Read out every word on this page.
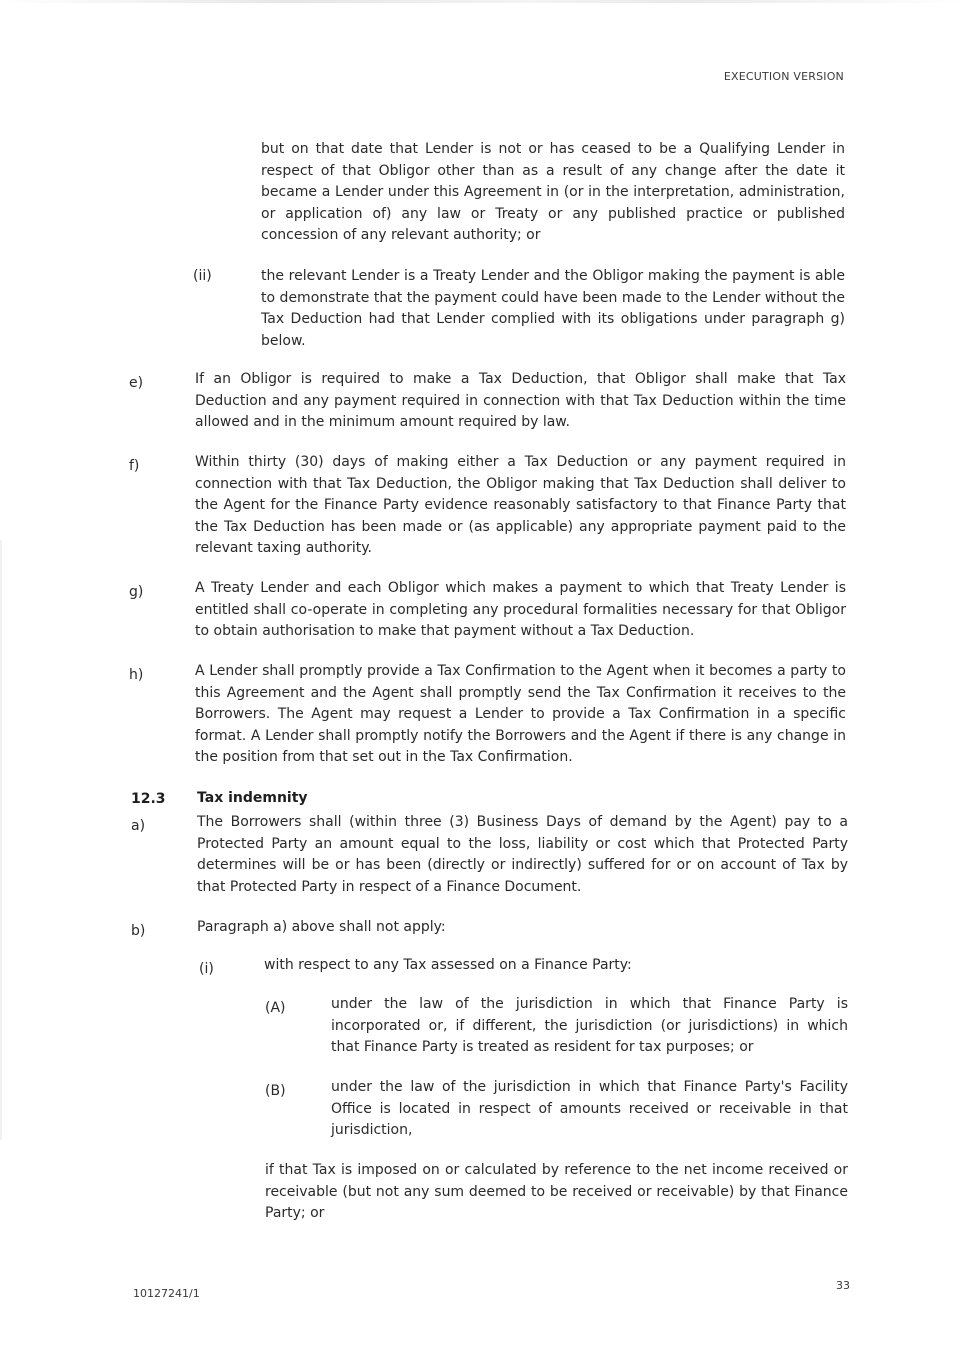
EXECUTION VERSION

but on that date that Lender is not or has ceased to be a Qualifying Lender in respect of that Obligor other than as a result of any change after the date it became a Lender under this Agreement in (or in the interpretation, administration, or application of) any law or Treaty or any published practice or published concession of any relevant authority; or

(ii)	the relevant Lender is a Treaty Lender and the Obligor making the payment is able to demonstrate that the payment could have been made to the Lender without the Tax Deduction had that Lender complied with its obligations under paragraph g) below.

e)	If an Obligor is required to make a Tax Deduction, that Obligor shall make that Tax Deduction and any payment required in connection with that Tax Deduction within the time allowed and in the minimum amount required by law.

f)	Within thirty (30) days of making either a Tax Deduction or any payment required in connection with that Tax Deduction, the Obligor making that Tax Deduction shall deliver to the Agent for the Finance Party evidence reasonably satisfactory to that Finance Party that the Tax Deduction has been made or (as applicable) any appropriate payment paid to the relevant taxing authority.

g)	A Treaty Lender and each Obligor which makes a payment to which that Treaty Lender is entitled shall co-operate in completing any procedural formalities necessary for that Obligor to obtain authorisation to make that payment without a Tax Deduction.

h)	A Lender shall promptly provide a Tax Confirmation to the Agent when it becomes a party to this Agreement and the Agent shall promptly send the Tax Confirmation it receives to the Borrowers. The Agent may request a Lender to provide a Tax Confirmation in a specific format. A Lender shall promptly notify the Borrowers and the Agent if there is any change in the position from that set out in the Tax Confirmation.

12.3 Tax indemnity
a)	The Borrowers shall (within three (3) Business Days of demand by the Agent) pay to a Protected Party an amount equal to the loss, liability or cost which that Protected Party determines will be or has been (directly or indirectly) suffered for or on account of Tax by that Protected Party in respect of a Finance Document.

b)	Paragraph a) above shall not apply:

(i)	with respect to any Tax assessed on a Finance Party:

(A)	under the law of the jurisdiction in which that Finance Party is incorporated or, if different, the jurisdiction (or jurisdictions) in which that Finance Party is treated as resident for tax purposes; or

(B)	under the law of the jurisdiction in which that Finance Party's Facility Office is located in respect of amounts received or receivable in that jurisdiction,

if that Tax is imposed on or calculated by reference to the net income received or receivable (but not any sum deemed to be received or receivable) by that Finance Party; or

10127241/1
33
